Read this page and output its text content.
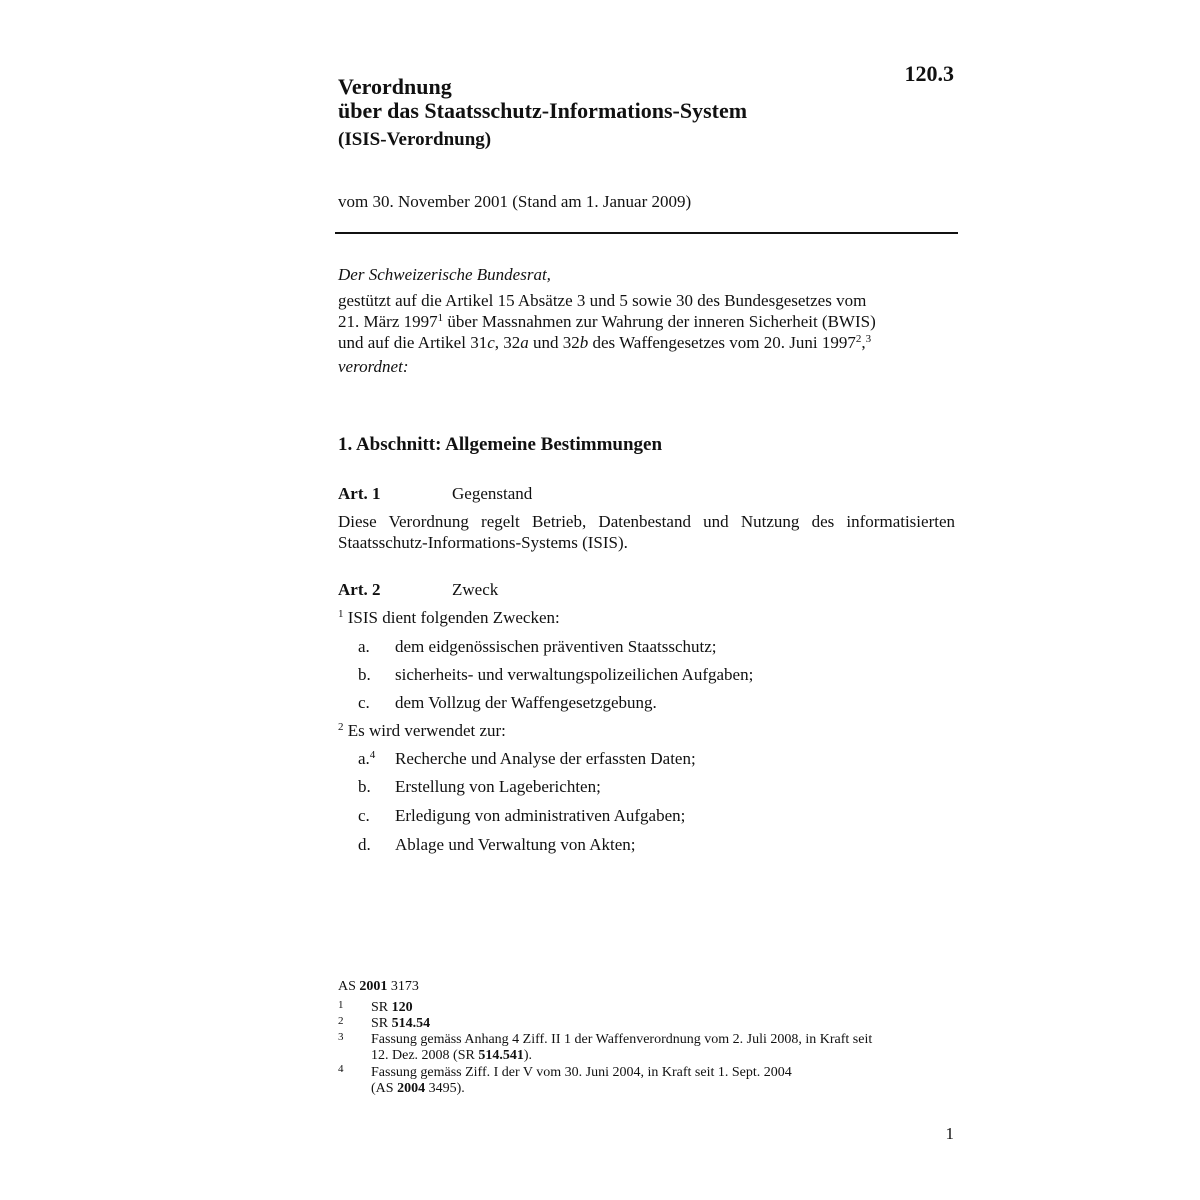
120.3
Verordnung
über das Staatsschutz-Informations-System
(ISIS-Verordnung)
vom 30. November 2001 (Stand am 1. Januar 2009)
Der Schweizerische Bundesrat,
gestützt auf die Artikel 15 Absätze 3 und 5 sowie 30 des Bundesgesetzes vom
21. März 1997$^1$ über Massnahmen zur Wahrung der inneren Sicherheit (BWIS)
und auf die Artikel 31c, 32a und 32b des Waffengesetzes vom 20. Juni 1997$^2$,$^3$
verordnet:
1. Abschnitt: Allgemeine Bestimmungen
Art. 1	Gegenstand
Diese Verordnung regelt Betrieb, Datenbestand und Nutzung des informatisierten Staatsschutz-Informations-Systems (ISIS).
Art. 2	Zweck
$^1$ ISIS dient folgenden Zwecken:
a. dem eidgenössischen präventiven Staatsschutz;
b. sicherheits- und verwaltungspolizeilichen Aufgaben;
c. dem Vollzug der Waffengesetzgebung.
$^2$ Es wird verwendet zur:
a.$^4$ Recherche und Analyse der erfassten Daten;
b. Erstellung von Lageberichten;
c. Erledigung von administrativen Aufgaben;
d. Ablage und Verwaltung von Akten;
AS 2001 3173
1 SR 120
2 SR 514.54
3 Fassung gemäss Anhang 4 Ziff. II 1 der Waffenverordnung vom 2. Juli 2008, in Kraft seit
12. Dez. 2008 (SR 514.541).
4 Fassung gemäss Ziff. I der V vom 30. Juni 2004, in Kraft seit 1. Sept. 2004
(AS 2004 3495).
1
